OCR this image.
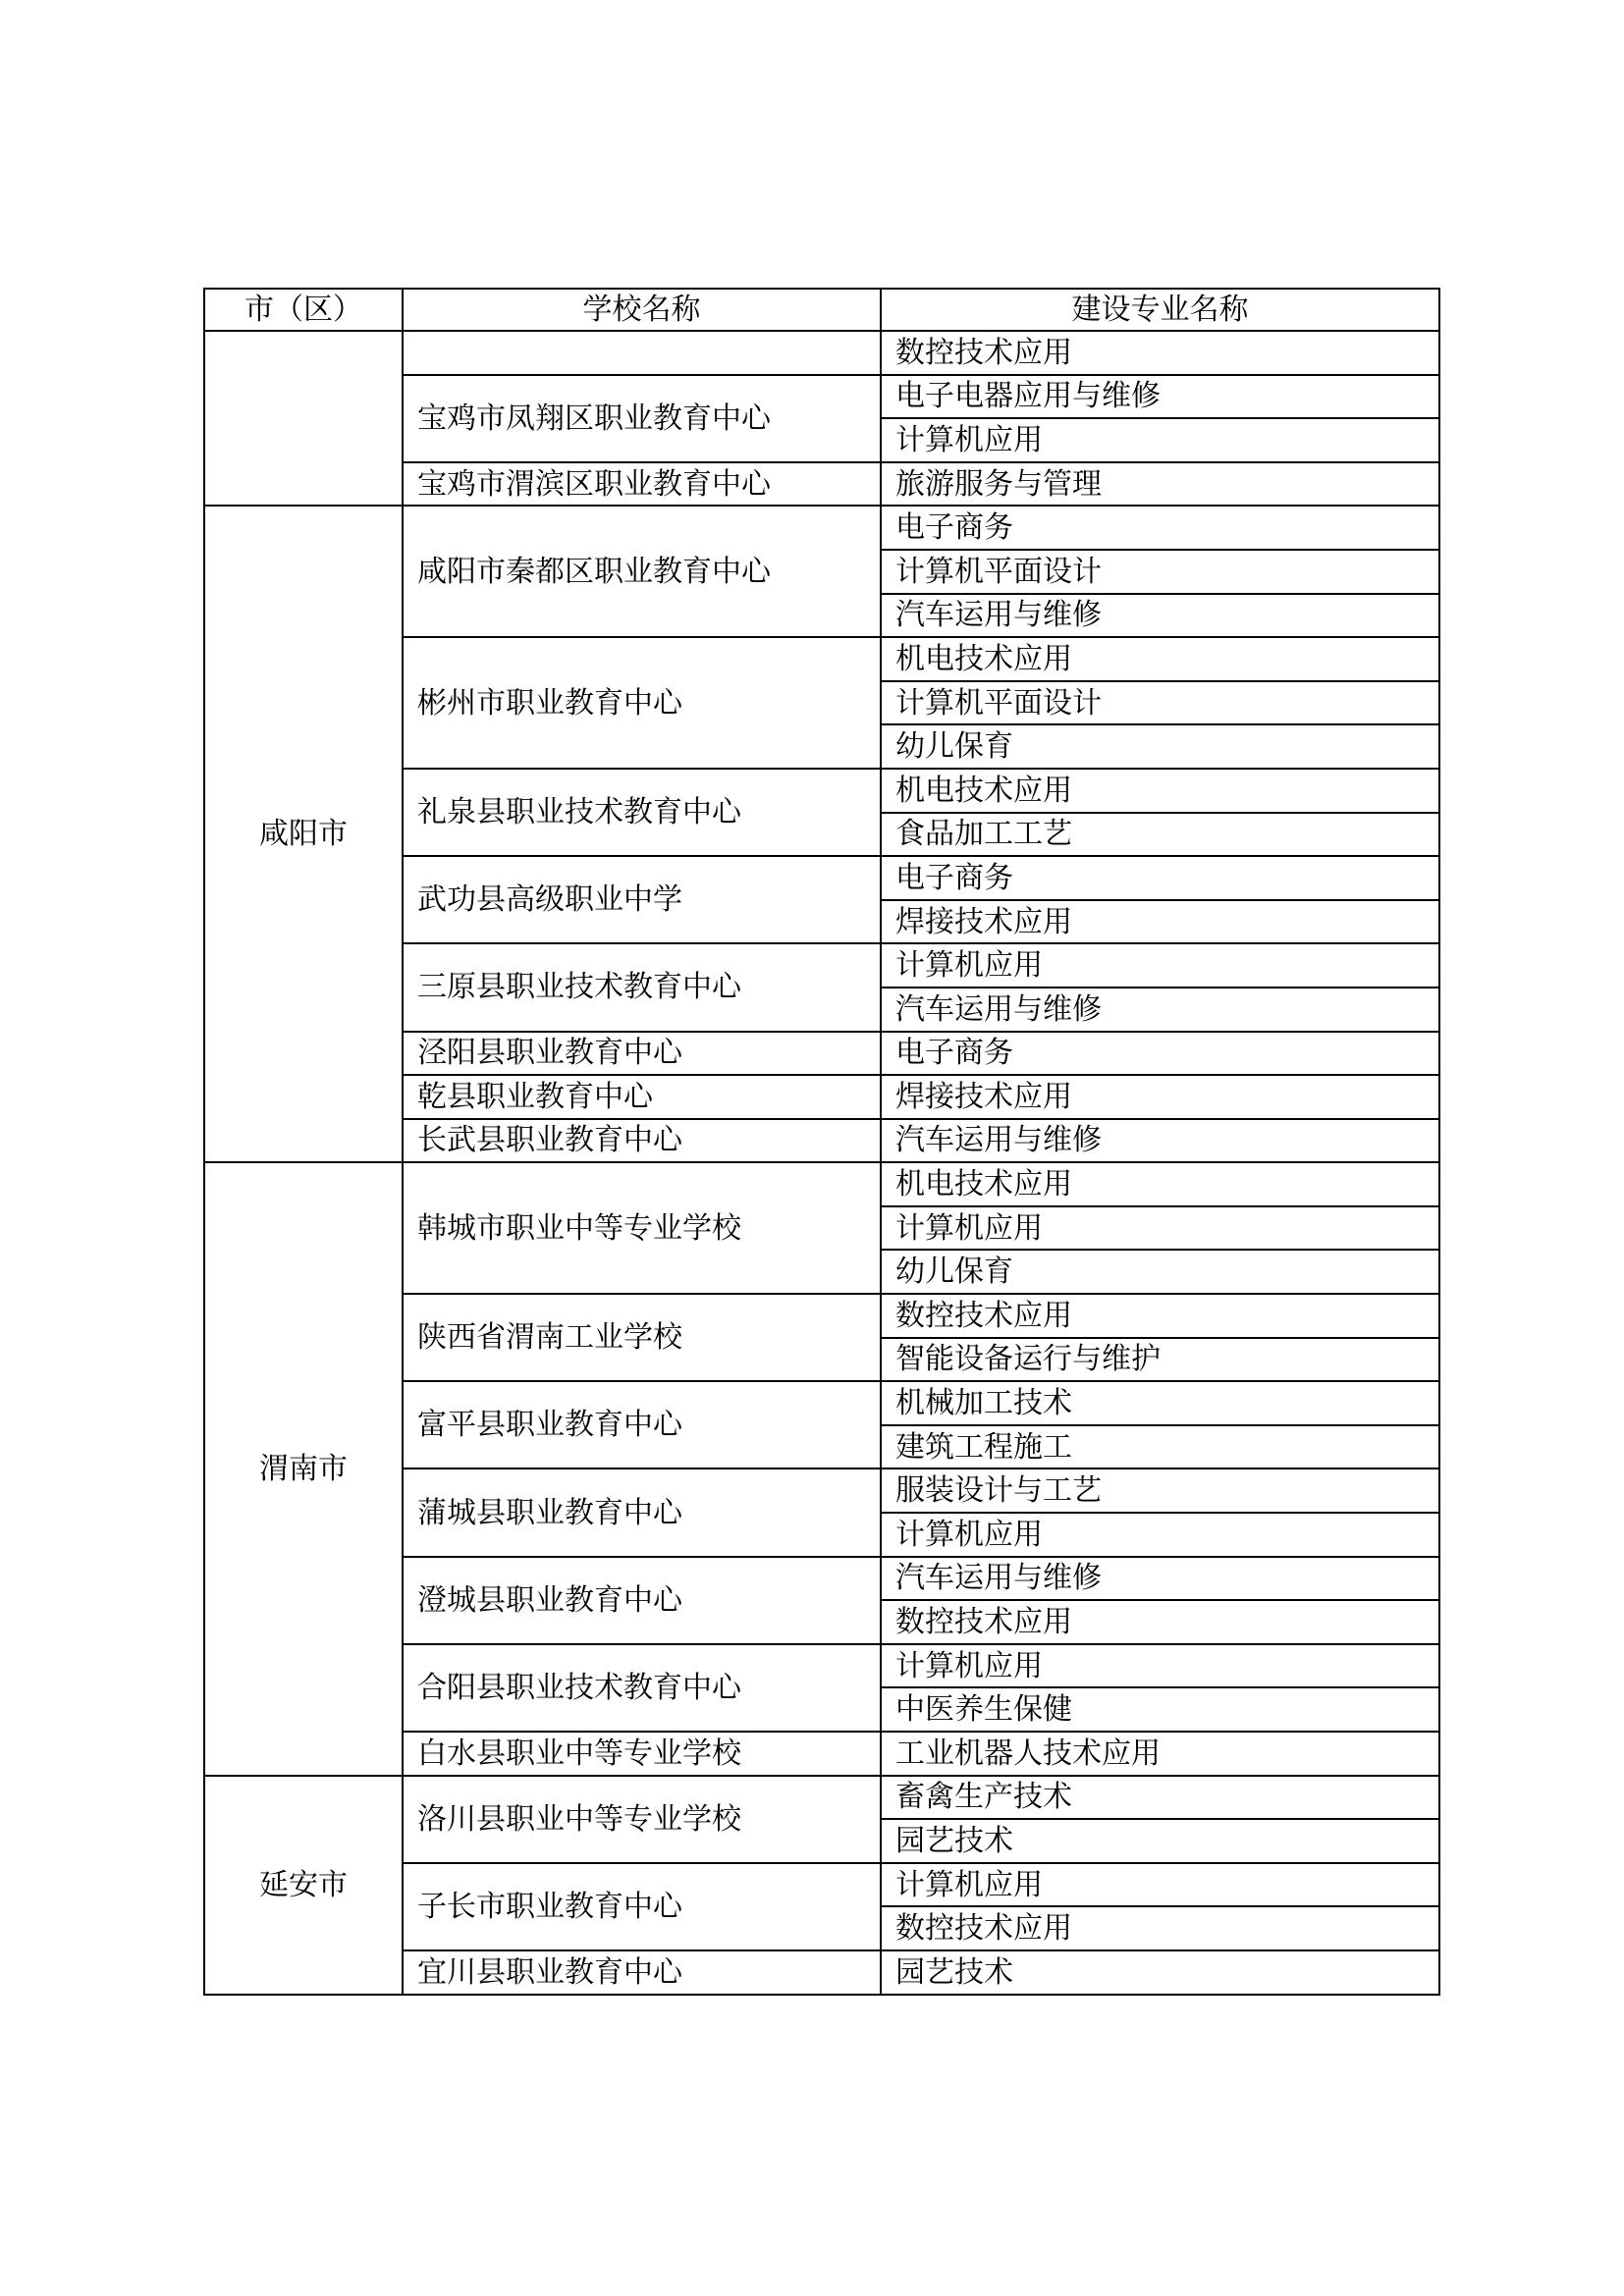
市（区）	学校名称	建设专业名称
		数控技术应用
	宝鸡市凤翔区职业教育中心	电子电器应用与维修
		计算机应用
	宝鸡市渭滨区职业教育中心	旅游服务与管理
咸阳市	咸阳市秦都区职业教育中心	电子商务
		计算机平面设计
		汽车运用与维修
	彬州市职业教育中心	机电技术应用
		计算机平面设计
		幼儿保育
	礼泉县职业技术教育中心	机电技术应用
		食品加工工艺
	武功县高级职业中学	电子商务
		焊接技术应用
	三原县职业技术教育中心	计算机应用
		汽车运用与维修
	泾阳县职业教育中心	电子商务
	乾县职业教育中心	焊接技术应用
	长武县职业教育中心	汽车运用与维修
渭南市	韩城市职业中等专业学校	机电技术应用
		计算机应用
		幼儿保育
	陕西省渭南工业学校	数控技术应用
		智能设备运行与维护
	富平县职业教育中心	机械加工技术
		建筑工程施工
	蒲城县职业教育中心	服装设计与工艺
		计算机应用
	澄城县职业教育中心	汽车运用与维修
		数控技术应用
	合阳县职业技术教育中心	计算机应用
		中医养生保健
	白水县职业中等专业学校	工业机器人技术应用
延安市	洛川县职业中等专业学校	畜禽生产技术
		园艺技术
	子长市职业教育中心	计算机应用
		数控技术应用
	宜川县职业教育中心	园艺技术
